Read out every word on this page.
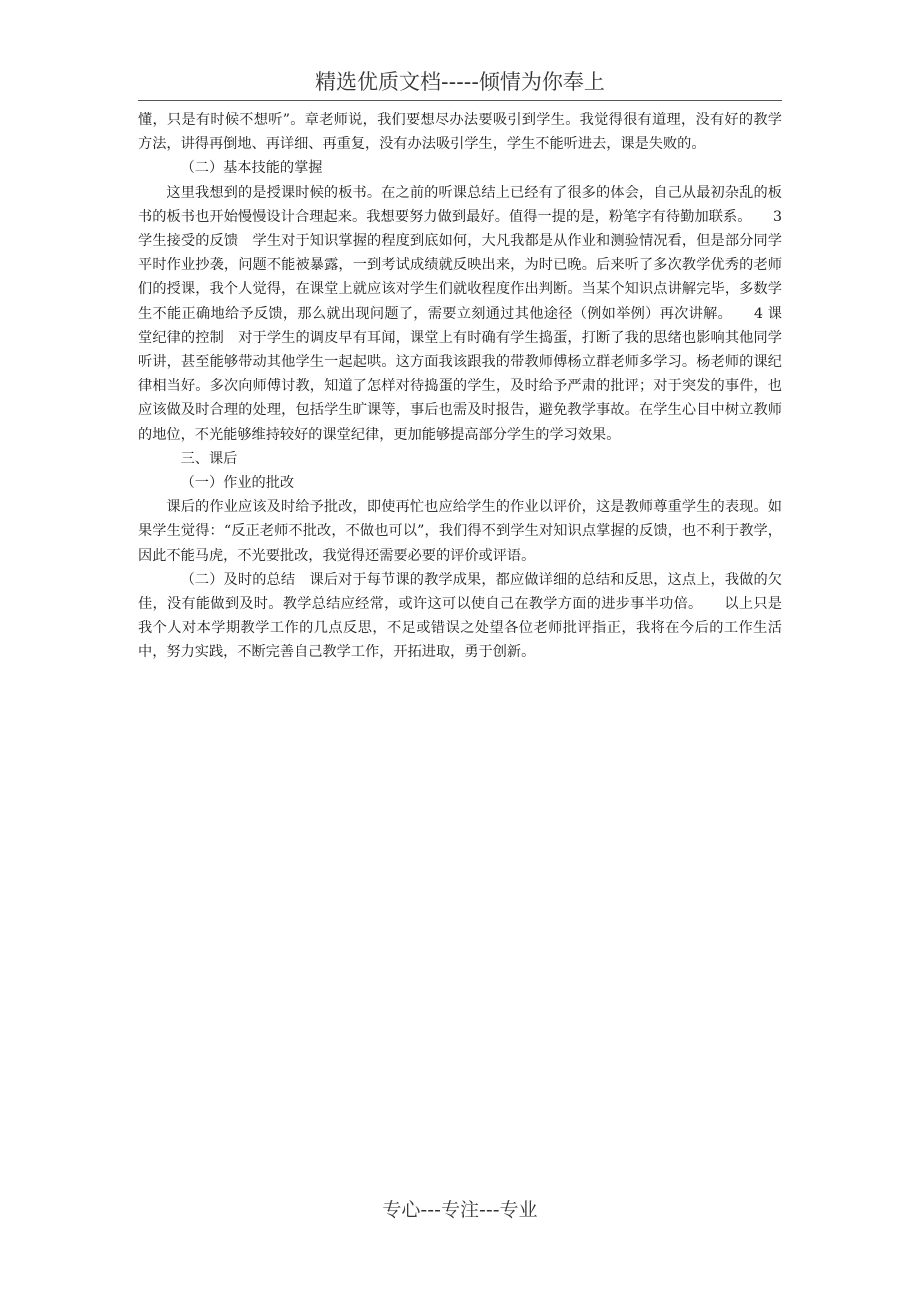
精选优质文档-----倾情为你奉上

懂，只是有时候不想听”。章老师说，我们要想尽办法要吸引到学生。我觉得很有道理，没有好的教学方法，讲得再倒地、再详细、再重复，没有办法吸引学生，学生不能听进去，课是失败的。

（二）基本技能的掌握

这里我想到的是授课时候的板书。在之前的听课总结上已经有了很多的体会，自己从最初杂乱的板书的板书也开始慢慢设计合理起来。我想要努力做到最好。值得一提的是，粉笔字有待勤加联系。　　3 学生接受的反馈　学生对于知识掌握的程度到底如何，大凡我都是从作业和测验情况看，但是部分同学平时作业抄袭，问题不能被暴露，一到考试成绩就反映出来，为时已晚。后来听了多次教学优秀的老师们的授课，我个人觉得，在课堂上就应该对学生们就收程度作出判断。当某个知识点讲解完毕，多数学生不能正确地给予反馈，那么就出现问题了，需要立刻通过其他途径（例如举例）再次讲解。　　4 课堂纪律的控制　对于学生的调皮早有耳闻，课堂上有时确有学生捣蛋，打断了我的思绪也影响其他同学听讲，甚至能够带动其他学生一起起哄。这方面我该跟我的带教师傅杨立群老师多学习。杨老师的课纪律相当好。多次向师傅讨教，知道了怎样对待捣蛋的学生，及时给予严肃的批评；对于突发的事件，也应该做及时合理的处理，包括学生旷课等，事后也需及时报告，避免教学事故。在学生心目中树立教师的地位，不光能够维持较好的课堂纪律，更加能够提高部分学生的学习效果。

三、课后

（一）作业的批改

课后的作业应该及时给予批改，即使再忙也应给学生的作业以评价，这是教师尊重学生的表现。如果学生觉得：“反正老师不批改，不做也可以”，我们得不到学生对知识点掌握的反馈，也不利于教学，因此不能马虎，不光要批改，我觉得还需要必要的评价或评语。

（二）及时的总结　课后对于每节课的教学成果，都应做详细的总结和反思，这点上，我做的欠佳，没有能做到及时。教学总结应经常，或许这可以使自己在教学方面的进步事半功倍。　　以上只是我个人对本学期教学工作的几点反思，不足或错误之处望各位老师批评指正，我将在今后的工作生活中，努力实践，不断完善自己教学工作，开拓进取，勇于创新。

专心---专注---专业
